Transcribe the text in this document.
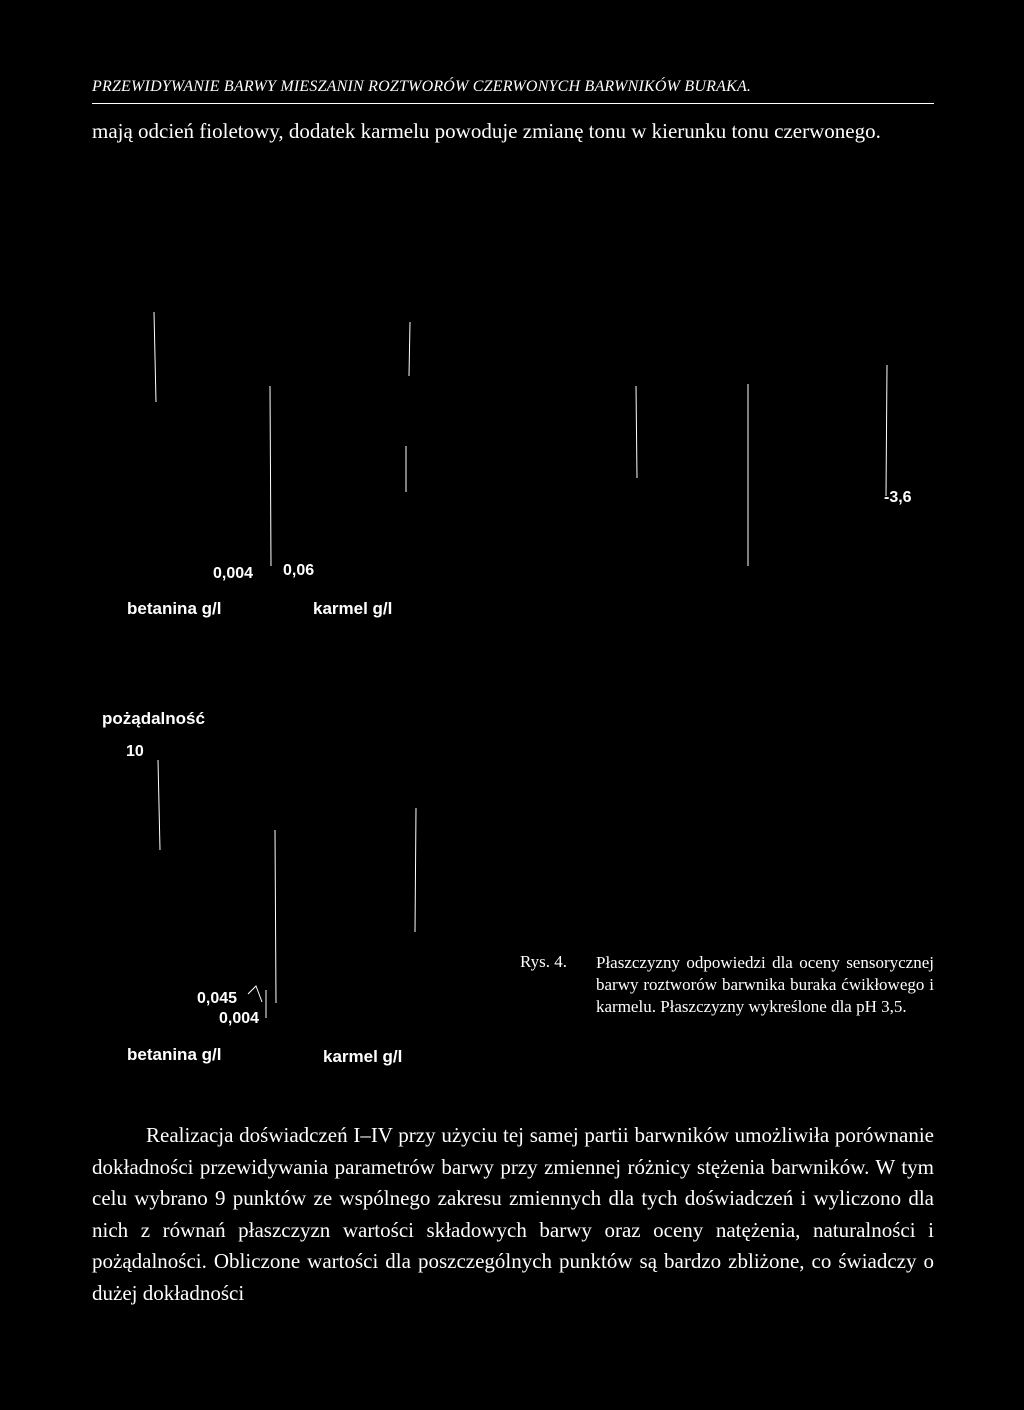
PRZEWIDYWANIE BARWY MIESZANIN ROZTWORÓW CZERWONYCH BARWNIKÓW BURAKA.
mają odcień fioletowy, dodatek karmelu powoduje zmianę tonu w kierunku tonu czerwonego.
-3,6
0,004 0,06
betanina g/l	karmel g/l
pożądalność
10
0,045
0,004
betanina g/l	karmel g/l
Rys. 4. Płaszczyzny odpowiedzi dla oceny sensorycznej barwy roztworów barwnika buraka ćwikłowego i karmelu. Płaszczyzny wykreślone dla pH 3,5.
Realizacja doświadczeń I–IV przy użyciu tej samej partii barwników umożliwiła porównanie dokładności przewidywania parametrów barwy przy zmiennej różnicy stężenia barwników. W tym celu wybrano 9 punktów ze wspólnego zakresu zmiennych dla tych doświadczeń i wyliczono dla nich z równań płaszczyzn wartości składowych barwy oraz oceny natężenia, naturalności i pożądalności. Obliczone wartości dla poszczególnych punktów są bardzo zbliżone, co świadczy o dużej dokładności
